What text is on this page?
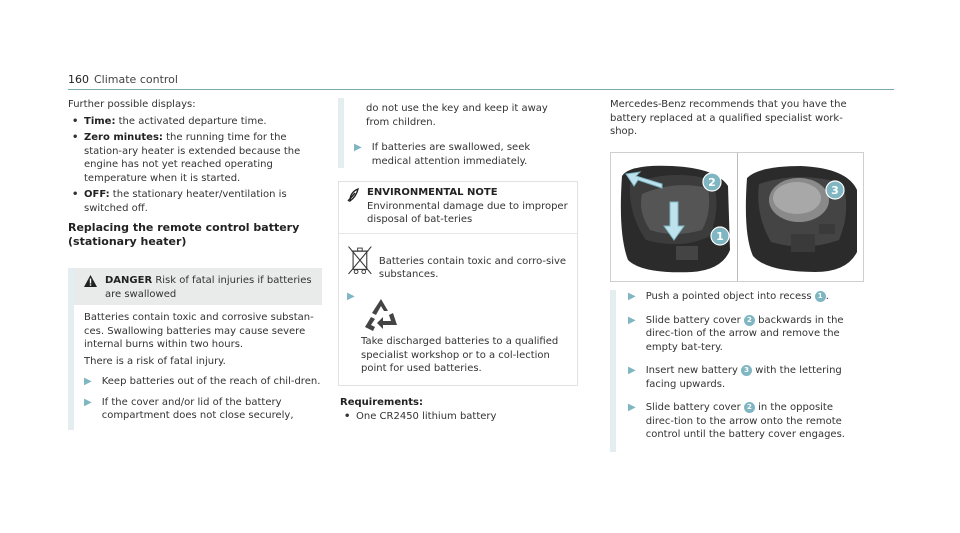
160 Climate control
Further possible displays:
• Time: the activated departure time.
• Zero minutes: the running time for the station-ary heater is extended because the engine has not yet reached operating temperature when it is started.
• OFF: the stationary heater/ventilation is switched off.
Replacing the remote control battery (stationary heater)
DANGER Risk of fatal injuries if batteries are swallowed
Batteries contain toxic and corrosive substan-ces. Swallowing batteries may cause severe internal burns within two hours.
There is a risk of fatal injury.
▶ Keep batteries out of the reach of chil-dren.
▶ If the cover and/or lid of the battery compartment does not close securely,
do not use the key and keep it away from children.
▶ If batteries are swallowed, seek medical attention immediately.
ENVIRONMENTAL NOTE Environmental damage due to improper disposal of bat-teries
Batteries contain toxic and corro-sive substances.
▶
Take discharged batteries to a qualified specialist workshop or to a col-lection point for used batteries.
Requirements:
• One CR2450 lithium battery
Mercedes-Benz recommends that you have the battery replaced at a qualified specialist work-shop.
2
1
3
▶ Push a pointed object into recess 1 .
▶ Slide battery cover 2 backwards in the direc-tion of the arrow and remove the empty bat-tery.
▶ Insert new battery 3 with the lettering facing upwards.
▶ Slide battery cover 2 in the opposite direc-tion to the arrow onto the remote control until the battery cover engages.
